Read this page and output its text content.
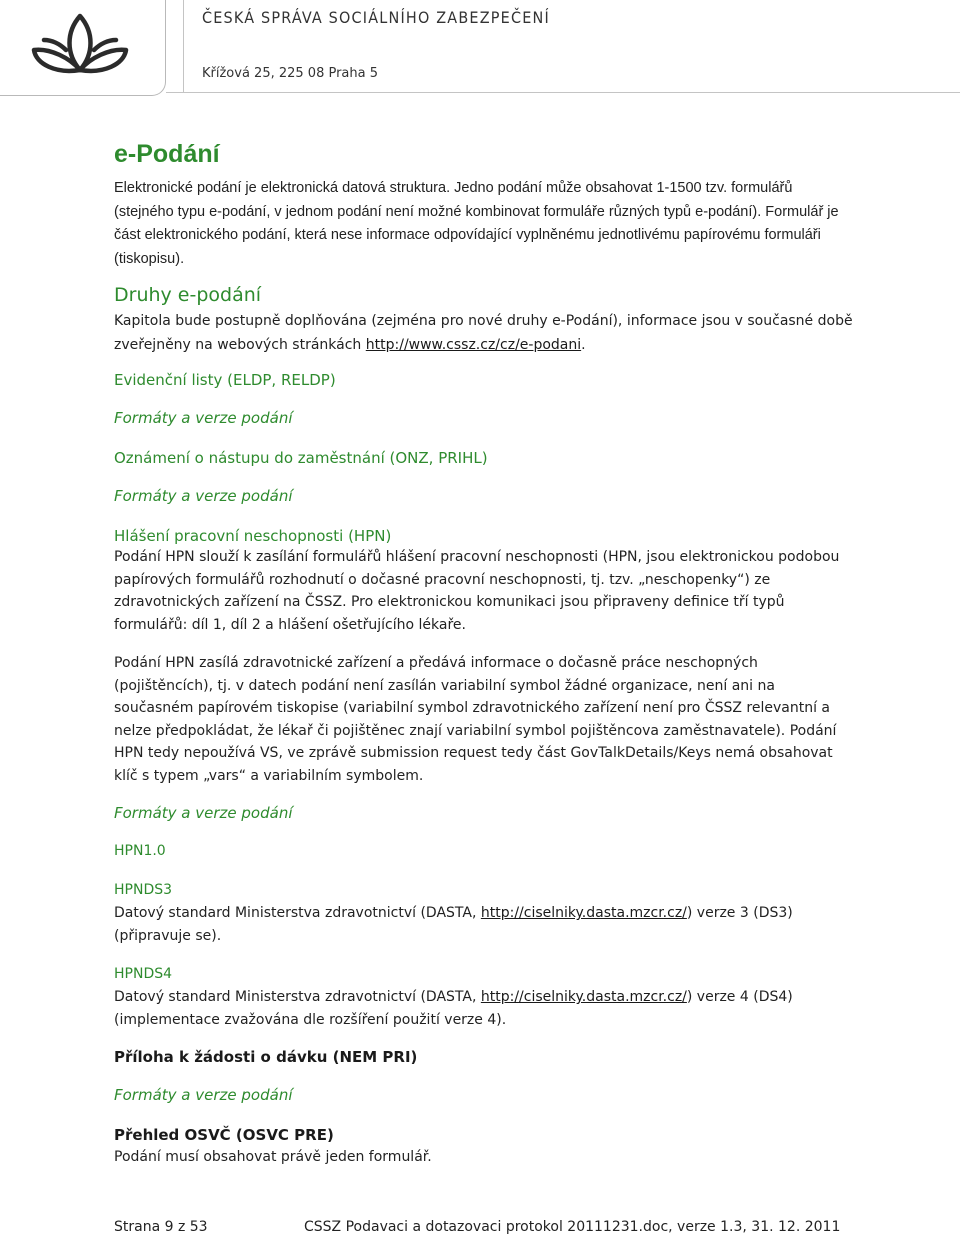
ČESKÁ SPRÁVA SOCIÁLNÍHO ZABEZPEČENÍ
Křížová 25, 225 08 Praha 5
e-Podání
Elektronické podání je elektronická datová struktura. Jedno podání může obsahovat 1-1500 tzv. formulářů (stejného typu e-podání, v jednom podání není možné kombinovat formuláře různých typů e-podání). Formulář je část elektronického podání, která nese informace odpovídající vyplněnému jednotlivému papírovému formuláři (tiskopisu).
Druhy e-podání
Kapitola bude postupně doplňována (zejména pro nové druhy e-Podání), informace jsou v současné době zveřejněny na webových stránkách http://www.cssz.cz/cz/e-podani.
Evidenční listy (ELDP, RELDP)
Formáty a verze podání
Oznámení o nástupu do zaměstnání (ONZ, PRIHL)
Formáty a verze podání
Hlášení pracovní neschopnosti (HPN)
Podání HPN slouží k zasílání formulářů hlášení pracovní neschopnosti (HPN, jsou elektronickou podobou papírových formulářů rozhodnutí o dočasné pracovní neschopnosti, tj. tzv. „neschopenky“) ze zdravotnických zařízení na ČSSZ. Pro elektronickou komunikaci jsou připraveny definice tří typů formulářů: díl 1, díl 2 a hlášení ošetřujícího lékaře.
Podání HPN zasílá zdravotnické zařízení a předává informace o dočasně práce neschopných (pojištěncích), tj. v datech podání není zasílán variabilní symbol žádné organizace, není ani na současném papírovém tiskopise (variabilní symbol zdravotnického zařízení není pro ČSSZ relevantní a nelze předpokládat, že lékař či pojištěnec znají variabilní symbol pojištěncova zaměstnavatele). Podání HPN tedy nepoužívá VS, ve zprávě submission request tedy část GovTalkDetails/Keys nemá obsahovat klíč s typem „vars“ a variabilním symbolem.
Formáty a verze podání
HPN1.0
HPNDS3
Datový standard Ministerstva zdravotnictví (DASTA, http://ciselniky.dasta.mzcr.cz/) verze 3 (DS3) (připravuje se).
HPNDS4
Datový standard Ministerstva zdravotnictví (DASTA, http://ciselniky.dasta.mzcr.cz/) verze 4 (DS4) (implementace zvažována dle rozšíření použití verze 4).
Příloha k žádosti o dávku (NEM PRI)
Formáty a verze podání
Přehled OSVČ (OSVC PRE)
Podání musí obsahovat právě jeden formulář.
Strana 9 z 53	CSSZ Podavaci a dotazovaci protokol 20111231.doc, verze 1.3, 31. 12. 2011
